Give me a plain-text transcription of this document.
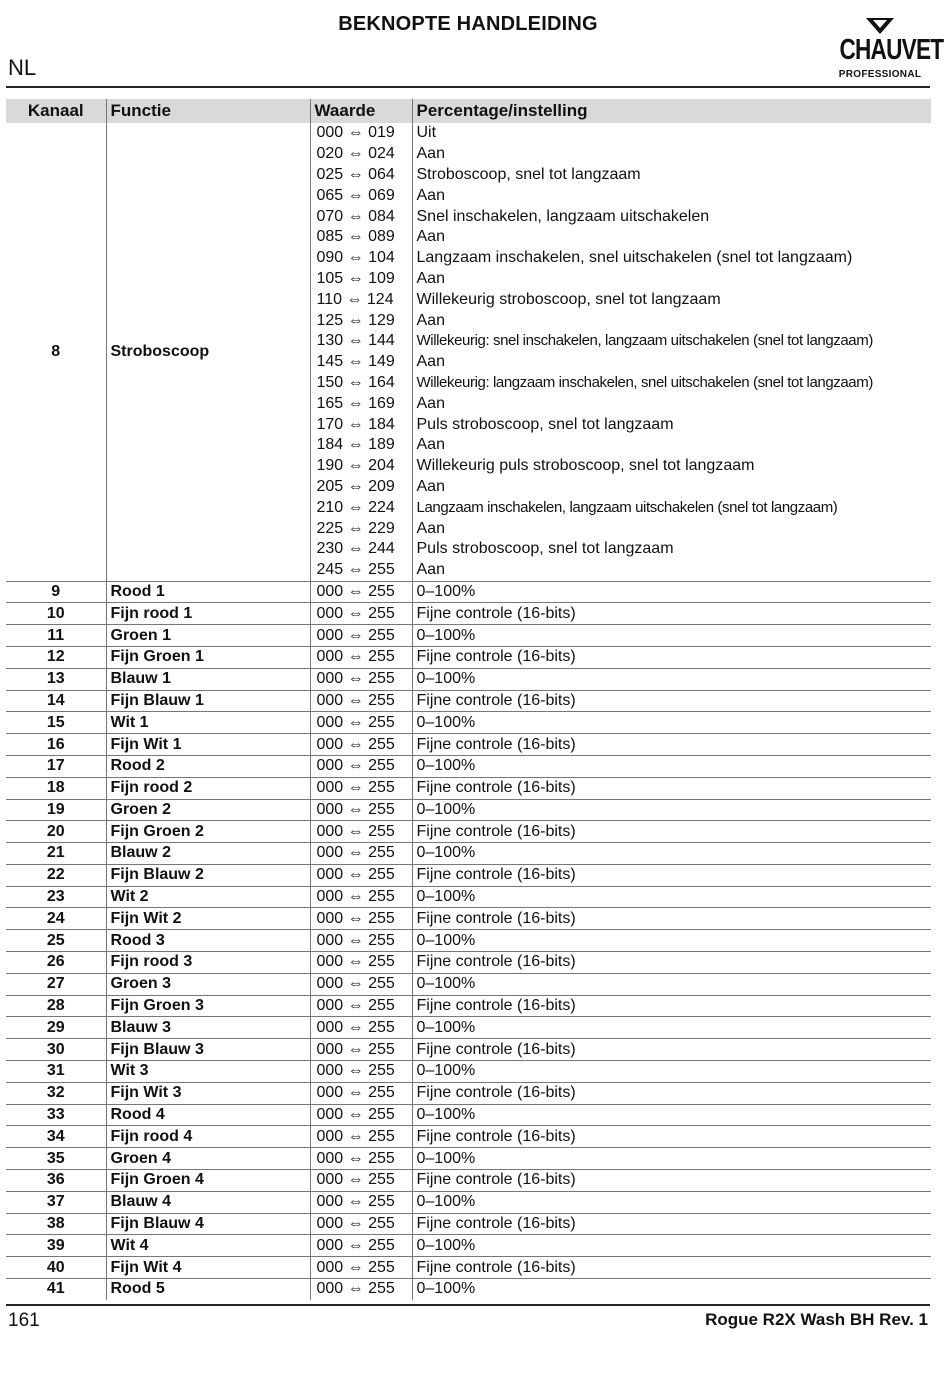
BEKNOPTE HANDLEIDING
NL
CHAUVET
PROFESSIONAL
Kanaal	Functie	Waarde	Percentage/instelling
8	Stroboscoop	000 ⇔ 019	Uit
		020 ⇔ 024	Aan
		025 ⇔ 064	Stroboscoop, snel tot langzaam
		065 ⇔ 069	Aan
		070 ⇔ 084	Snel inschakelen, langzaam uitschakelen
		085 ⇔ 089	Aan
		090 ⇔ 104	Langzaam inschakelen, snel uitschakelen (snel tot langzaam)
		105 ⇔ 109	Aan
		110 ⇔ 124	Willekeurig stroboscoop, snel tot langzaam
		125 ⇔ 129	Aan
		130 ⇔ 144	Willekeurig: snel inschakelen, langzaam uitschakelen (snel tot langzaam)
		145 ⇔ 149	Aan
		150 ⇔ 164	Willekeurig: langzaam inschakelen, snel uitschakelen (snel tot langzaam)
		165 ⇔ 169	Aan
		170 ⇔ 184	Puls stroboscoop, snel tot langzaam
		184 ⇔ 189	Aan
		190 ⇔ 204	Willekeurig puls stroboscoop, snel tot langzaam
		205 ⇔ 209	Aan
		210 ⇔ 224	Langzaam inschakelen, langzaam uitschakelen (snel tot langzaam)
		225 ⇔ 229	Aan
		230 ⇔ 244	Puls stroboscoop, snel tot langzaam
		245 ⇔ 255	Aan
9	Rood 1	000 ⇔ 255	0–100%
10	Fijn rood 1	000 ⇔ 255	Fijne controle (16-bits)
11	Groen 1	000 ⇔ 255	0–100%
12	Fijn Groen 1	000 ⇔ 255	Fijne controle (16-bits)
13	Blauw 1	000 ⇔ 255	0–100%
14	Fijn Blauw 1	000 ⇔ 255	Fijne controle (16-bits)
15	Wit 1	000 ⇔ 255	0–100%
16	Fijn Wit 1	000 ⇔ 255	Fijne controle (16-bits)
17	Rood 2	000 ⇔ 255	0–100%
18	Fijn rood 2	000 ⇔ 255	Fijne controle (16-bits)
19	Groen 2	000 ⇔ 255	0–100%
20	Fijn Groen 2	000 ⇔ 255	Fijne controle (16-bits)
21	Blauw 2	000 ⇔ 255	0–100%
22	Fijn Blauw 2	000 ⇔ 255	Fijne controle (16-bits)
23	Wit 2	000 ⇔ 255	0–100%
24	Fijn Wit 2	000 ⇔ 255	Fijne controle (16-bits)
25	Rood 3	000 ⇔ 255	0–100%
26	Fijn rood 3	000 ⇔ 255	Fijne controle (16-bits)
27	Groen 3	000 ⇔ 255	0–100%
28	Fijn Groen 3	000 ⇔ 255	Fijne controle (16-bits)
29	Blauw 3	000 ⇔ 255	0–100%
30	Fijn Blauw 3	000 ⇔ 255	Fijne controle (16-bits)
31	Wit 3	000 ⇔ 255	0–100%
32	Fijn Wit 3	000 ⇔ 255	Fijne controle (16-bits)
33	Rood 4	000 ⇔ 255	0–100%
34	Fijn rood 4	000 ⇔ 255	Fijne controle (16-bits)
35	Groen 4	000 ⇔ 255	0–100%
36	Fijn Groen 4	000 ⇔ 255	Fijne controle (16-bits)
37	Blauw 4	000 ⇔ 255	0–100%
38	Fijn Blauw 4	000 ⇔ 255	Fijne controle (16-bits)
39	Wit 4	000 ⇔ 255	0–100%
40	Fijn Wit 4	000 ⇔ 255	Fijne controle (16-bits)
41	Rood 5	000 ⇔ 255	0–100%
161	Rogue R2X Wash BH Rev. 1
